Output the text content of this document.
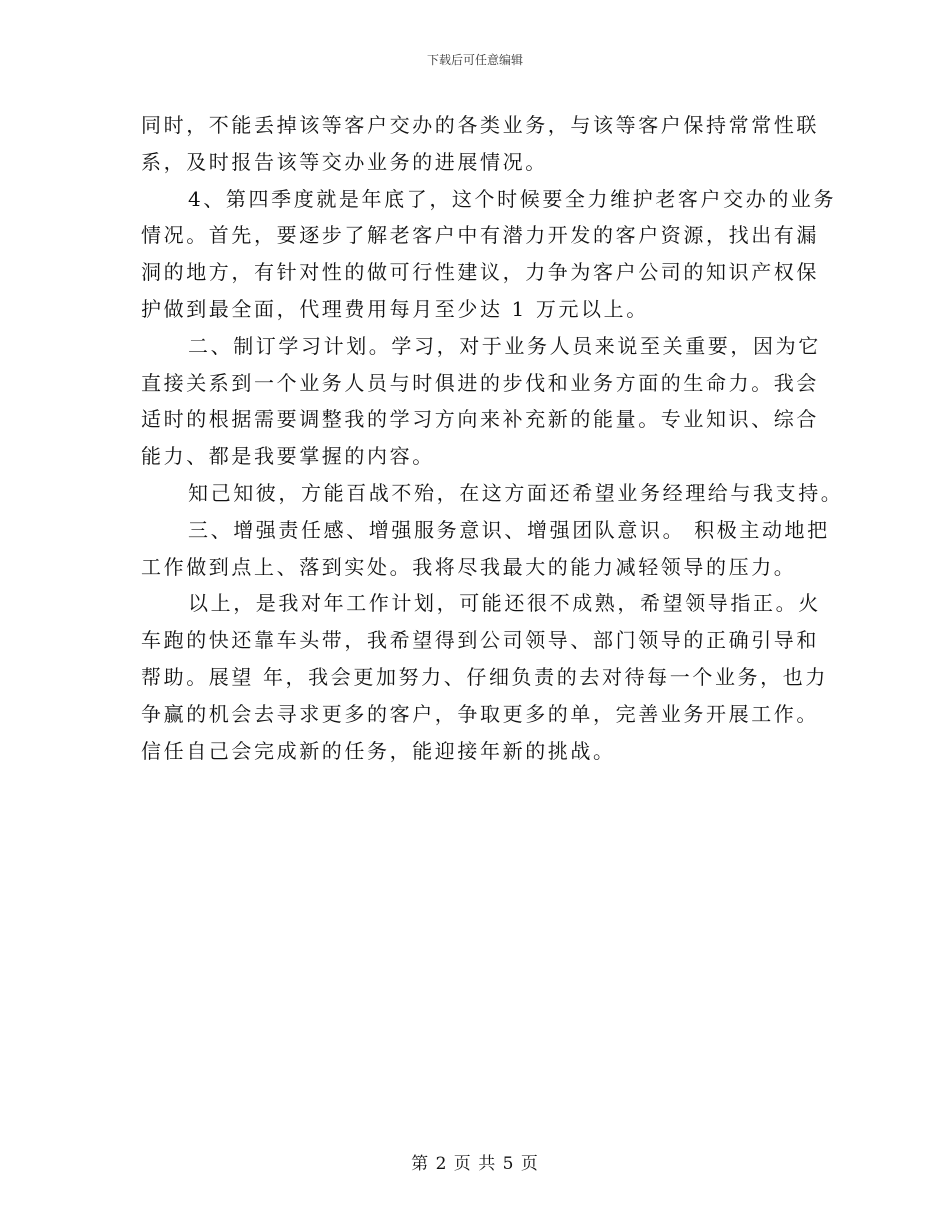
下载后可任意编辑
同时，不能丢掉该等客户交办的各类业务，与该等客户保持常常性联
系，及时报告该等交办业务的进展情况。
4、第四季度就是年底了，这个时候要全力维护老客户交办的业务
情况。首先，要逐步了解老客户中有潜力开发的客户资源，找出有漏
洞的地方，有针对性的做可行性建议，力争为客户公司的知识产权保
护做到最全面，代理费用每月至少达 1 万元以上。
二、制订学习计划。学习，对于业务人员来说至关重要，因为它
直接关系到一个业务人员与时俱进的步伐和业务方面的生命力。我会
适时的根据需要调整我的学习方向来补充新的能量。专业知识、综合
能力、都是我要掌握的内容。
知己知彼，方能百战不殆，在这方面还希望业务经理给与我支持。
三、增强责任感、增强服务意识、增强团队意识。 积极主动地把
工作做到点上、落到实处。我将尽我最大的能力减轻领导的压力。
以上，是我对年工作计划，可能还很不成熟，希望领导指正。火
车跑的快还靠车头带，我希望得到公司领导、部门领导的正确引导和
帮助。展望 年，我会更加努力、仔细负责的去对待每一个业务，也力
争赢的机会去寻求更多的客户，争取更多的单，完善业务开展工作。
信任自己会完成新的任务，能迎接年新的挑战。
第 2 页 共 5 页
